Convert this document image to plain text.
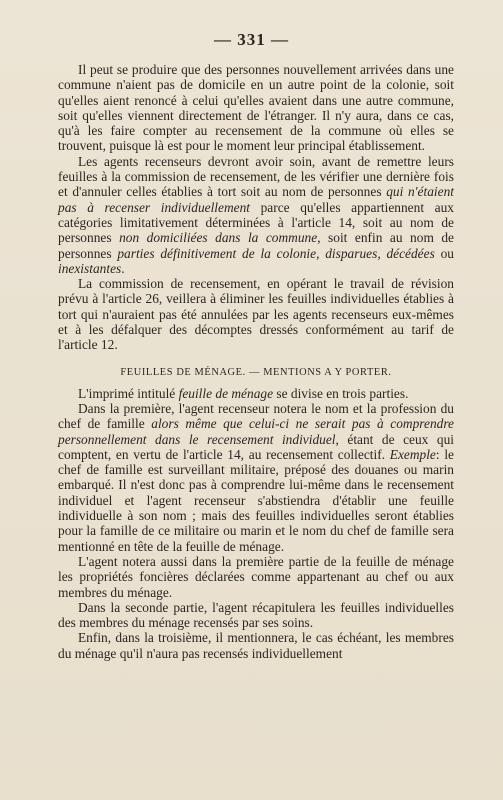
— 331 —

Il peut se produire que des personnes nouvellement arrivées dans une commune n'aient pas de domicile en un autre point de la colonie, soit qu'elles aient renoncé à celui qu'elles avaient dans une autre commune, soit qu'elles viennent directement de l'étranger. Il n'y aura, dans ce cas, qu'à les faire compter au recensement de la commune où elles se trouvent, puisque là est pour le moment leur principal établissement.

Les agents recenseurs devront avoir soin, avant de remettre leurs feuilles à la commission de recensement, de les vérifier une dernière fois et d'annuler celles établies à tort soit au nom de personnes qui n'étaient pas à recenser individuellement parce qu'elles appartiennent aux catégories limitativement déterminées à l'article 14, soit au nom de personnes non domiciliées dans la commune, soit enfin au nom de personnes parties définitivement de la colonie, disparues, décédées ou inexistantes.

La commission de recensement, en opérant le travail de révision prévu à l'article 26, veillera à éliminer les feuilles individuelles établies à tort qui n'auraient pas été annulées par les agents recenseurs eux-mêmes et à les défalquer des décomptes dressés conformément au tarif de l'article 12.

FEUILLES DE MÉNAGE. — MENTIONS A Y PORTER.

L'imprimé intitulé feuille de ménage se divise en trois parties.

Dans la première, l'agent recenseur notera le nom et la profession du chef de famille alors même que celui-ci ne serait pas à comprendre personnellement dans le recensement individuel, étant de ceux qui comptent, en vertu de l'article 14, au recensement collectif. Exemple: le chef de famille est surveillant militaire, préposé des douanes ou marin embarqué. Il n'est donc pas à comprendre lui-même dans le recensement individuel et l'agent recenseur s'abstiendra d'établir une feuille individuelle à son nom ; mais des feuilles individuelles seront établies pour la famille de ce militaire ou marin et le nom du chef de famille sera mentionné en tête de la feuille de ménage.

L'agent notera aussi dans la première partie de la feuille de ménage les propriétés foncières déclarées comme appartenant au chef ou aux membres du ménage.

Dans la seconde partie, l'agent récapitulera les feuilles individuelles des membres du ménage recensés par ses soins.

Enfin, dans la troisième, il mentionnera, le cas échéant, les membres du ménage qu'il n'aura pas recensés individuellement
